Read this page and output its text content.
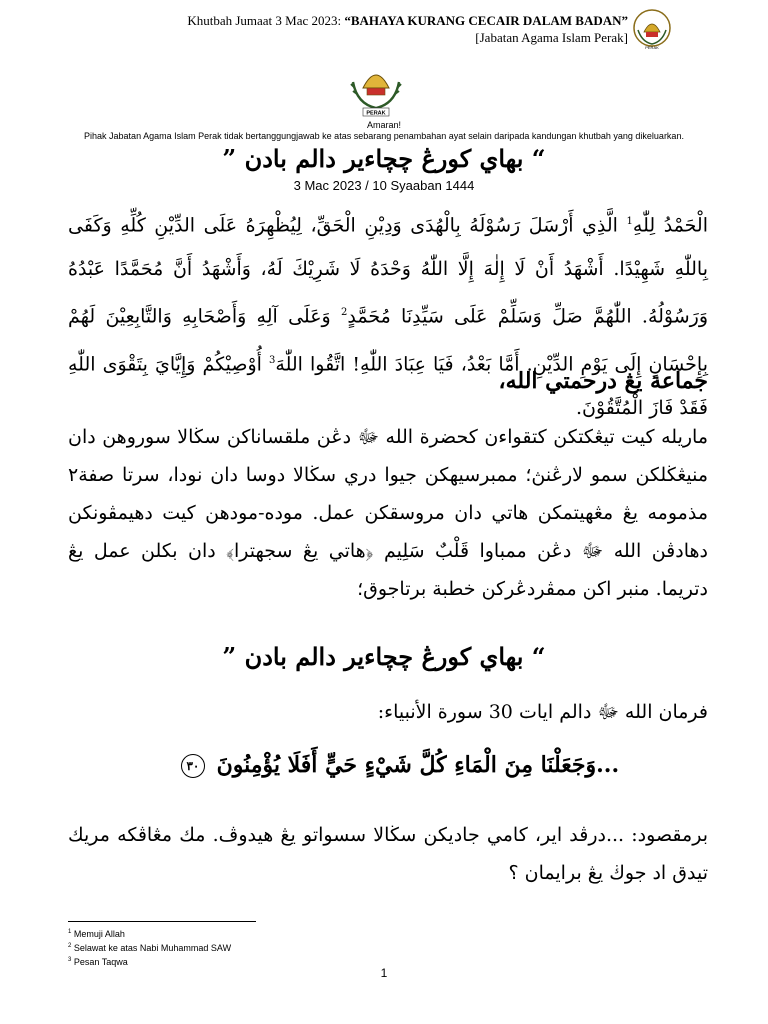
Khutbah Jumaat 3 Mac 2023: “BAHAYA KURANG CECAIR DALAM BADAN”
[Jabatan Agama Islam Perak]
PERAK
PERAK
Amaran!
Pihak Jabatan Agama Islam Perak tidak bertanggungjawab ke atas sebarang penambahan ayat selain daripada kandungan khutbah yang dikeluarkan.
” بهاي كورڠ چچاءير دالم بادن “
3 Mac 2023 / 10 Syaaban 1444
الْحَمْدُ لِلّٰهِ$^1$ الَّذِي أَرْسَلَ رَسُوْلَهُ بِالْهُدَى وَدِيْنِ الْحَقِّ، لِيُظْهِرَهُ عَلَى الدِّيْنِ كُلِّهِ وَكَفَى بِاللّٰهِ شَهِيْدًا. أَشْهَدُ أَنْ لَا إِلٰهَ إِلَّا اللّٰهُ وَحْدَهُ لَا شَرِيْكَ لَهُ، وَأَشْهَدُ أَنَّ مُحَمَّدًا عَبْدُهُ وَرَسُوْلُهُ. اللّٰهُمَّ صَلِّ وَسَلِّمْ عَلَى سَيِّدِنَا مُحَمَّدٍ$^2$ وَعَلَى آلِهِ وَأَصْحَابِهِ وَالتَّابِعِيْنَ لَهُمْ بِإِحْسَانٍ إِلَى يَوْمِ الدِّيْنِ. أَمَّا بَعْدُ، فَيَا عِبَادَ اللّٰهِ! اتَّقُوا اللّٰهَ$^3$ أُوْصِيْكُمْ وَإِيَّايَ بِتَقْوَى اللّٰهِ فَقَدْ فَازَ الْمُتَّقُوْنَ.
جماعة يڠ درحمتي الله،
ماريله كيت تيڠكتكن كتقواءن كحضرة الله ﷻ دڠن ملقساناكن سڬالا سوروهن دان منيڠڬلكن سمو لارڠنڽ؛ ممبرسيهكن جيوا دري سڬالا دوسا دان نودا، سرتا صفة٢ مذمومه يڠ مڠهيتمكن هاتي دان مروسقكن عمل. موده-مودهن كيت دهيمڤونكن دهادڤن الله ﷻ دڠن ممباوا قَلْبٌ سَلِيم ﴿هاتي يڠ سجهترا﴾ دان بكلن عمل يڠ دتريما. منبر اكن ممڤردڠركن خطبة برتاجوق؛
” بهاي كورڠ چچاءير دالم بادن “
فرمان الله ﷻ دالم ايات 30 سورة الأنبياء:
...وَجَعَلْنَا مِنَ الْمَاءِ كُلَّ شَيْءٍ حَيٍّ أَفَلَا يُؤْمِنُونَ ٣٠
برمقصود: ...درڤد اير، كامي جاديكن سڬالا سسواتو يڠ هيدوڤ. مك مڠاڤكه مريك تيدق اد جوڬ يڠ برايمان ؟
$^1$ Memuji Allah
$^2$ Selawat ke atas Nabi Muhammad SAW
$^3$ Pesan Taqwa
1
